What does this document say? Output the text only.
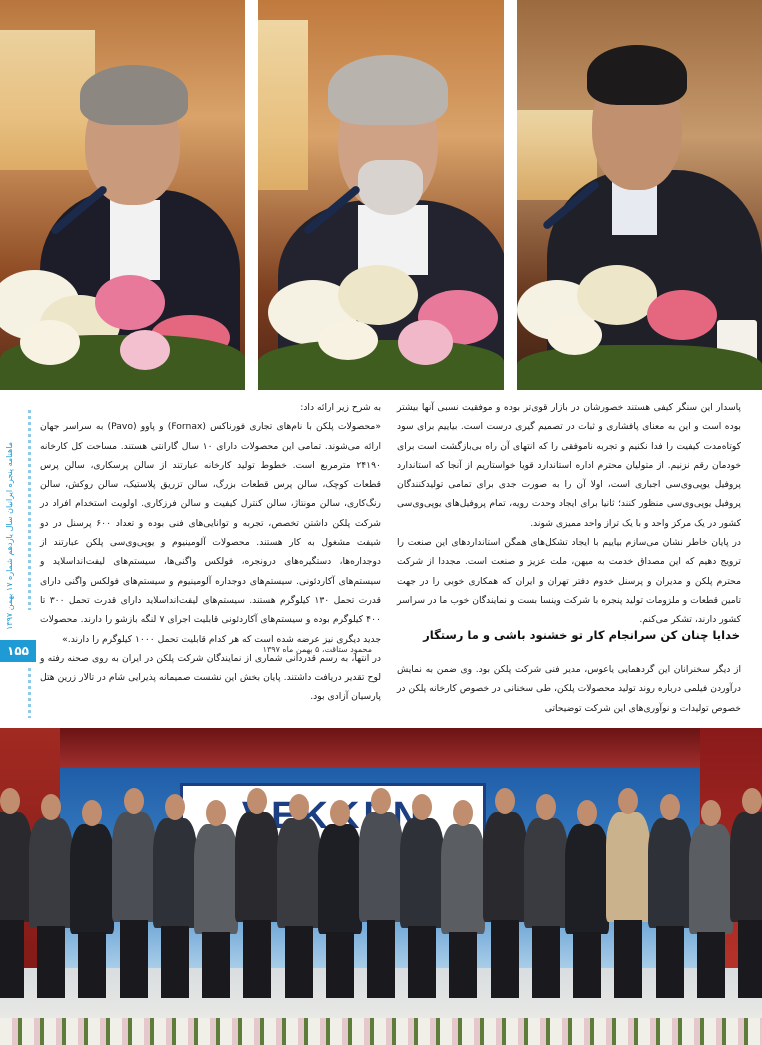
ماهنامه پنجره ایرانیان سال یازدهم شماره ۱۷ بهمن ۱۳۹۷
۱۵۵

به شرح زیر ارائه داد:

«محصولات پلکن با نام‌های تجاری فورناکس (Fornax) و پاوو (Pavo) به سراسر جهان ارائه می‌شوند. تمامی این محصولات دارای ۱۰ سال گارانتی هستند. مساحت کل کارخانه ۲۴۱۹۰ مترمربع است. خطوط تولید کارخانه عبارتند از سالن پرسکاری، سالن پرس قطعات کوچک، سالن پرس قطعات بزرگ، سالن تزریق پلاستیک، سالن روکش، سالن رنگ‌کاری، سالن مونتاژ، سالن کنترل کیفیت و سالن فرزکاری. اولویت استخدام افراد در شرکت پلکن داشتن تخصص، تجربه و توانایی‌های فنی بوده و تعداد ۶۰۰ پرسنل در دو شیفت مشغول به کار هستند. محصولات آلومینیوم و یو‌پی‌وی‌سی پلکن عبارتند از دوجداره‌ها، دستگیره‌های درونجره، فولکس واگنی‌ها، سیستم‌های لیفت‌اند‌اسلاید و سیستم‌های آکاردئونی. سیستم‌های دوجداره آلومینیوم و سیستم‌های فولکس واگنی دارای قدرت تحمل ۱۳۰ کیلوگرم هستند. سیستم‌های لیفت‌اند‌اسلاید دارای قدرت تحمل ۳۰۰ تا ۴۰۰ کیلوگرم بوده و سیستم‌های آکاردئونی قابلیت اجرای ۷ لنگه بازشو را دارند. محصولات جدید دیگری نیز عرضه شده است که هر کدام قابلیت تحمل ۱۰۰۰ کیلوگرم را دارند.»

در انتها، به رسم قدردانی شماری از نمایندگان شرکت پلکن در ایران به روی صحنه رفته و لوح تقدیر دریافت داشتند. پایان بخش این نشست صمیمانه پذیرایی شام در تالار زرین هتل پارسیان آزادی بود.

پاسدار این سنگر کیفی هستند خصورشان در بازار قوی‌تر بوده و موفقیت نسبی آنها بیشتر بوده است و این به معنای پافشاری و ثبات در تصمیم گیری درست است. بیاییم برای سود کوتاه‌مدت کیفیت را فدا نکنیم و تجربه ناموفقی را که انتهای آن راه بی‌بازگشت است برای خودمان رقم نزنیم. از متولیان محترم اداره استاندارد قویا خواستاریم از آنجا که استاندارد پروفیل یو‌پی‌وی‌سی اجباری است، اولا آن را به صورت جدی برای تمامی تولیدکنندگان پروفیل یو‌پی‌وی‌سی منظور کنند؛ ثانیا برای ایجاد وحدت رویه، تمام پروفیل‌های یو‌پی‌وی‌سی کشور در یک مرکز واحد و با یک تراز واحد ممیزی شوند.

در پایان خاطر نشان می‌سازم بیاییم با ایجاد تشکل‌های همگن استانداردهای این صنعت را ترویج دهیم که این مصداق خدمت به میهن، ملت عزیز و صنعت است. مجددا از شرکت محترم پلکن و مدیران و پرسنل خدوم دفتر تهران و ایران که همکاری خوبی را در جهت تامین قطعات و ملزومات تولید پنجره با شرکت وینسا بست و نمایندگان خوب ما در سراسر کشور دارند، تشکر می‌کنم.

خدایا چنان کن سرانجام کار تو خشنود باشی و ما رستگار
محمود ستاقت، ۵ بهمن ماه ۱۳۹۷

از دیگر سخنرانان این گردهمایی یاعوس، مدیر فنی شرکت پلکن بود. وی ضمن به نمایش درآوردن فیلمی درباره روند تولید محصولات پلکن، طی سخنانی در خصوص کارخانه پلکن در خصوص تولیدات و نوآوری‌های این شرکت توضیحاتی
